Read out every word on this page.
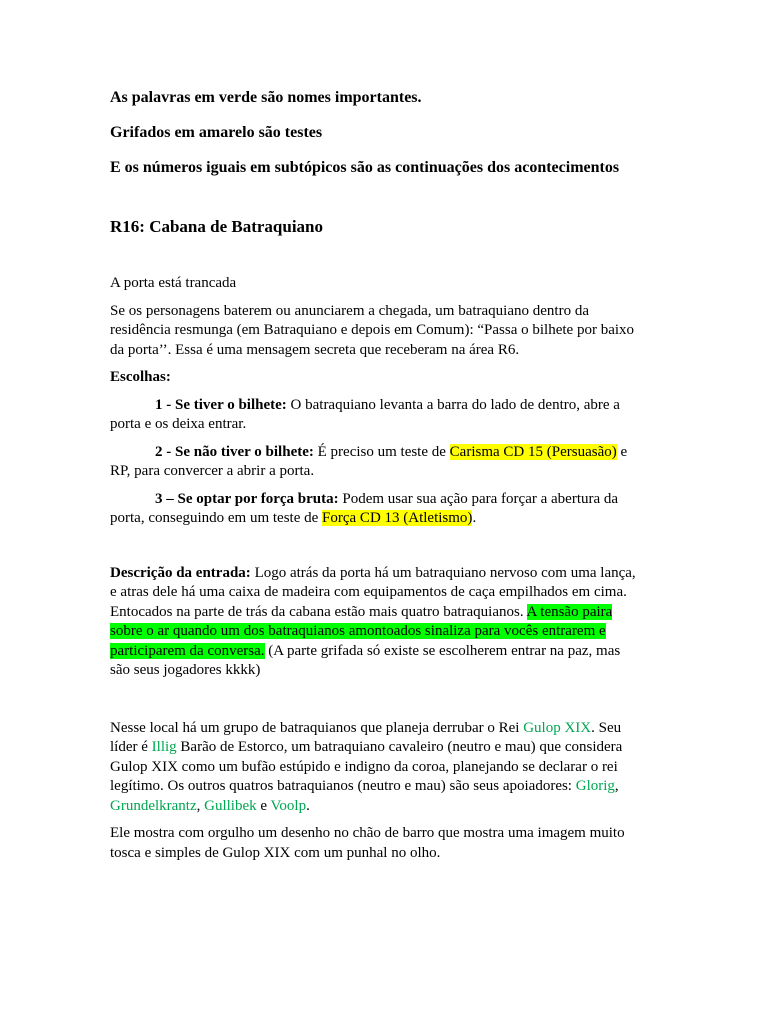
As palavras em verde são nomes importantes.

Grifados em amarelo são testes

E os números iguais em subtópicos são as continuações dos acontecimentos

R16: Cabana de Batraquiano

A porta está trancada

Se os personagens baterem ou anunciarem a chegada, um batraquiano dentro da residência resmunga (em Batraquiano e depois em Comum): “Passa o bilhete por baixo da porta’’. Essa é uma mensagem secreta que receberam na área R6.

Escolhas:

1 - Se tiver o bilhete: O batraquiano levanta a barra do lado de dentro, abre a porta e os deixa entrar.

2 - Se não tiver o bilhete: É preciso um teste de Carisma CD 15 (Persuasão) e RP, para convercer a abrir a porta.

3 – Se optar por força bruta: Podem usar sua ação para forçar a abertura da porta, conseguindo em um teste de Força CD 13 (Atletismo).

Descrição da entrada: Logo atrás da porta há um batraquiano nervoso com uma lança, e atras dele há uma caixa de madeira com equipamentos de caça empilhados em cima. Entocados na parte de trás da cabana estão mais quatro batraquianos. A tensão paira sobre o ar quando um dos batraquianos amontoados sinaliza para vocês entrarem e participarem da conversa. (A parte grifada só existe se escolherem entrar na paz, mas são seus jogadores kkkk)

Nesse local há um grupo de batraquianos que planeja derrubar o Rei Gulop XIX. Seu líder é Illig Barão de Estorco, um batraquiano cavaleiro (neutro e mau) que considera Gulop XIX como um bufão estúpido e indigno da coroa, planejando se declarar o rei legítimo. Os outros quatros batraquianos (neutro e mau) são seus apoiadores: Glorig, Grundelkrantz, Gullibek e Voolp.

Ele mostra com orgulho um desenho no chão de barro que mostra uma imagem muito tosca e simples de Gulop XIX com um punhal no olho.
